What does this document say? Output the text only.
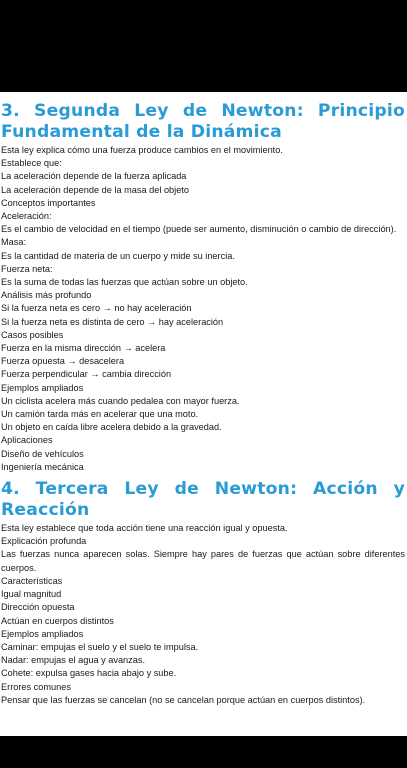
3. Segunda Ley de Newton: Principio Fundamental de la Dinámica
Esta ley explica cómo una fuerza produce cambios en el movimiento.
Establece que:
La aceleración depende de la fuerza aplicada
La aceleración depende de la masa del objeto
Conceptos importantes
Aceleración:
Es el cambio de velocidad en el tiempo (puede ser aumento, disminución o cambio de dirección).
Masa:
Es la cantidad de materia de un cuerpo y mide su inercia.
Fuerza neta:
Es la suma de todas las fuerzas que actúan sobre un objeto.
Análisis más profundo
Si la fuerza neta es cero → no hay aceleración
Si la fuerza neta es distinta de cero → hay aceleración
Casos posibles
Fuerza en la misma dirección → acelera
Fuerza opuesta → desacelera
Fuerza perpendicular → cambia dirección
Ejemplos ampliados
Un ciclista acelera más cuando pedalea con mayor fuerza.
Un camión tarda más en acelerar que una moto.
Un objeto en caída libre acelera debido a la gravedad.
Aplicaciones
Diseño de vehículos
Ingeniería mecánica
4. Tercera Ley de Newton: Acción y Reacción
Esta ley establece que toda acción tiene una reacción igual y opuesta.
Explicación profunda
Las fuerzas nunca aparecen solas. Siempre hay pares de fuerzas que actúan sobre diferentes cuerpos.
Características
Igual magnitud
Dirección opuesta
Actúan en cuerpos distintos
Ejemplos ampliados
Caminar: empujas el suelo y el suelo te impulsa.
Nadar: empujas el agua y avanzas.
Cohete: expulsa gases hacia abajo y sube.
Errores comunes
Pensar que las fuerzas se cancelan (no se cancelan porque actúan en cuerpos distintos).
